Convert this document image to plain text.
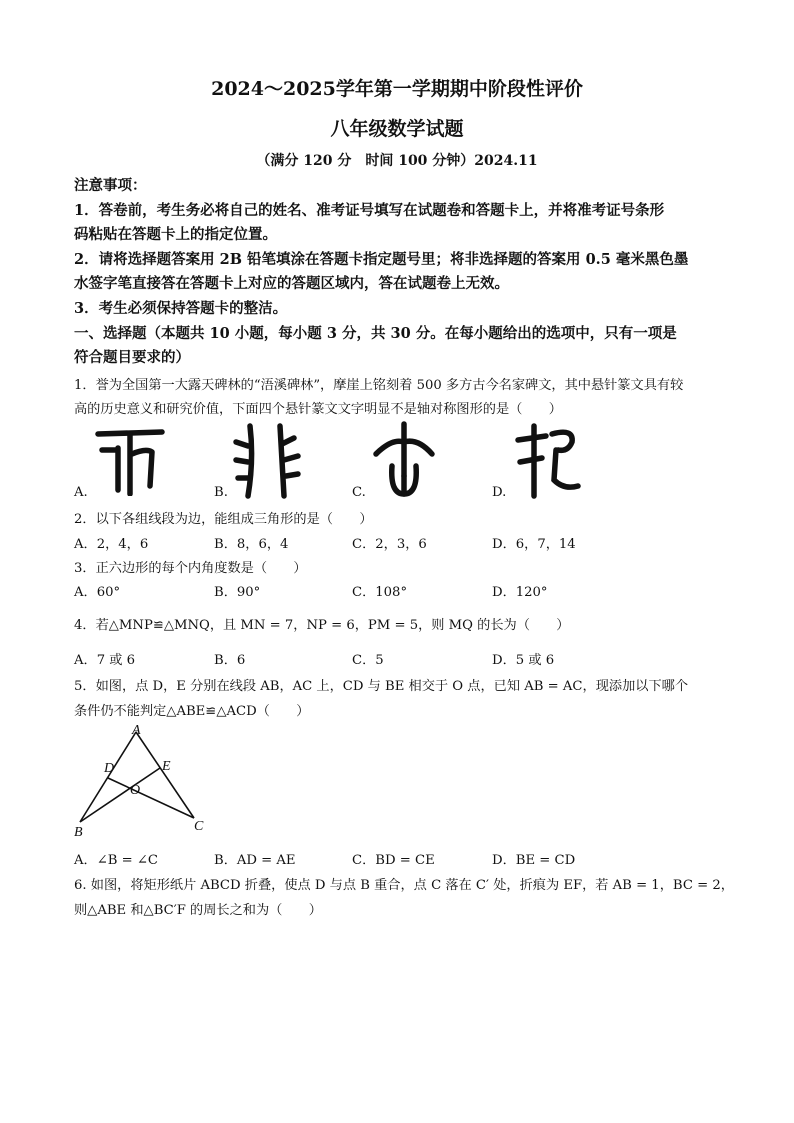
2024～2025学年第一学期期中阶段性评价
八年级数学试题
（满分 120 分　时间 100 分钟）2024.11
注意事项：
1．答卷前，考生务必将自己的姓名、准考证号填写在试题卷和答题卡上，并将准考证号条形
码粘贴在答题卡上的指定位置。
2．请将选择题答案用 2B 铅笔填涂在答题卡指定题号里；将非选择题的答案用 0.5 毫米黑色墨
水签字笔直接答在答题卡上对应的答题区域内，答在试题卷上无效。
3．考生必须保持答题卡的整洁。
一、选择题（本题共 10 小题，每小题 3 分，共 30 分。在每小题给出的选项中，只有一项是
符合题目要求的）
1．誉为全国第一大露天碑林的“浯溪碑林”，摩崖上铭刻着 500 多方古今名家碑文，其中悬针篆文具有较
高的历史意义和研究价值，下面四个悬针篆文文字明显不是轴对称图形的是（　　）
A.	B.	C.	D.
2．以下各组线段为边，能组成三角形的是（　　）
A．2，4，6	B．8，6，4	C．2，3，6	D．6，7，14
3．正六边形的每个内角度数是（　　）
A．60°	B．90°	C．108°	D．120°
4．若△MNP≌△MNQ，且 MN = 7，NP = 6，PM = 5，则 MQ 的长为（　　）
A．7 或 6	B．6	C．5	D．5 或 6
5．如图，点 D，E 分别在线段 AB，AC 上，CD 与 BE 相交于 O 点，已知 AB = AC，现添加以下哪个
条件仍不能判定△ABE≌△ACD（　　）
A
B	C
D	E
O
A．∠B = ∠C	B．AD = AE	C．BD = CE	D．BE = CD
6. 如图，将矩形纸片 ABCD 折叠，使点 D 与点 B 重合，点 C 落在 C′ 处，折痕为 EF，若 AB = 1，BC = 2，
则△ABE 和△BC′F 的周长之和为（　　）
